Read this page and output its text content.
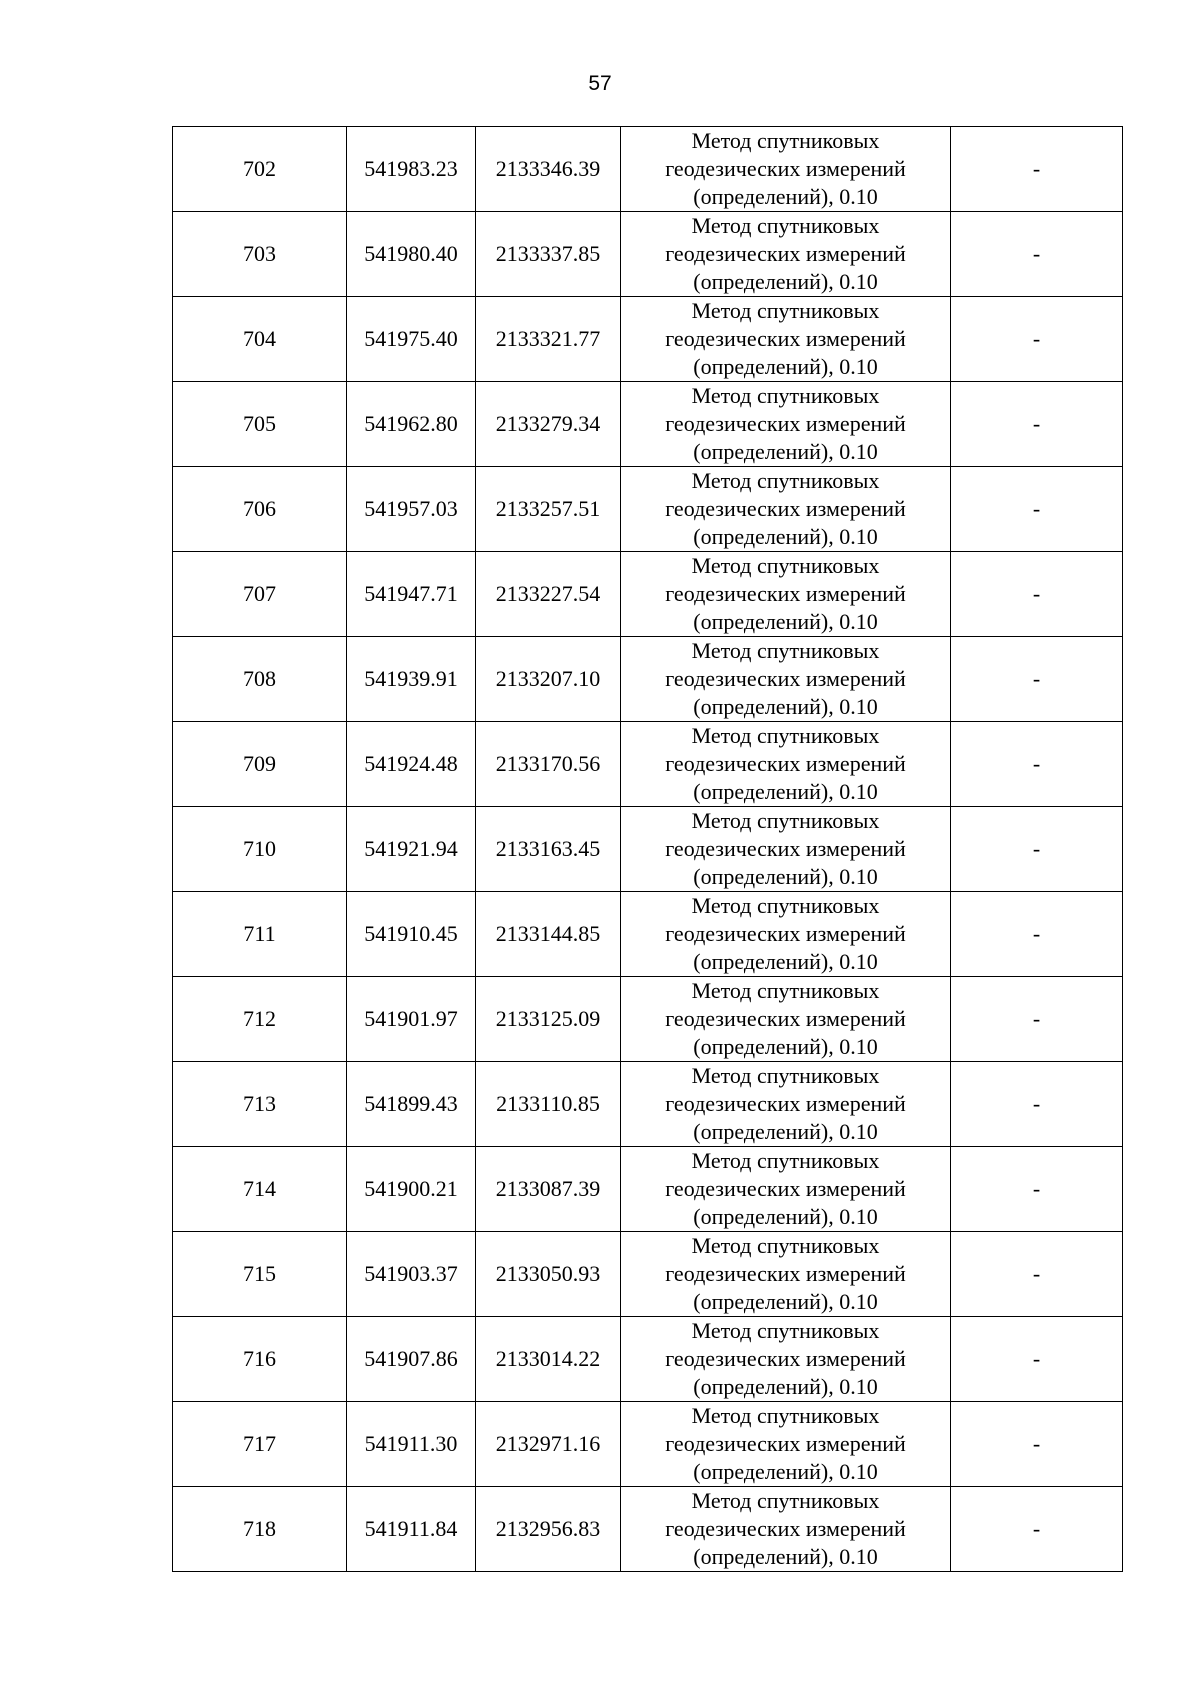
57
702	541983.23	2133346.39	Метод спутниковых
геодезических измерений
(определений), 0.10	-
703	541980.40	2133337.85	Метод спутниковых
геодезических измерений
(определений), 0.10	-
704	541975.40	2133321.77	Метод спутниковых
геодезических измерений
(определений), 0.10	-
705	541962.80	2133279.34	Метод спутниковых
геодезических измерений
(определений), 0.10	-
706	541957.03	2133257.51	Метод спутниковых
геодезических измерений
(определений), 0.10	-
707	541947.71	2133227.54	Метод спутниковых
геодезических измерений
(определений), 0.10	-
708	541939.91	2133207.10	Метод спутниковых
геодезических измерений
(определений), 0.10	-
709	541924.48	2133170.56	Метод спутниковых
геодезических измерений
(определений), 0.10	-
710	541921.94	2133163.45	Метод спутниковых
геодезических измерений
(определений), 0.10	-
711	541910.45	2133144.85	Метод спутниковых
геодезических измерений
(определений), 0.10	-
712	541901.97	2133125.09	Метод спутниковых
геодезических измерений
(определений), 0.10	-
713	541899.43	2133110.85	Метод спутниковых
геодезических измерений
(определений), 0.10	-
714	541900.21	2133087.39	Метод спутниковых
геодезических измерений
(определений), 0.10	-
715	541903.37	2133050.93	Метод спутниковых
геодезических измерений
(определений), 0.10	-
716	541907.86	2133014.22	Метод спутниковых
геодезических измерений
(определений), 0.10	-
717	541911.30	2132971.16	Метод спутниковых
геодезических измерений
(определений), 0.10	-
718	541911.84	2132956.83	Метод спутниковых
геодезических измерений
(определений), 0.10	-
